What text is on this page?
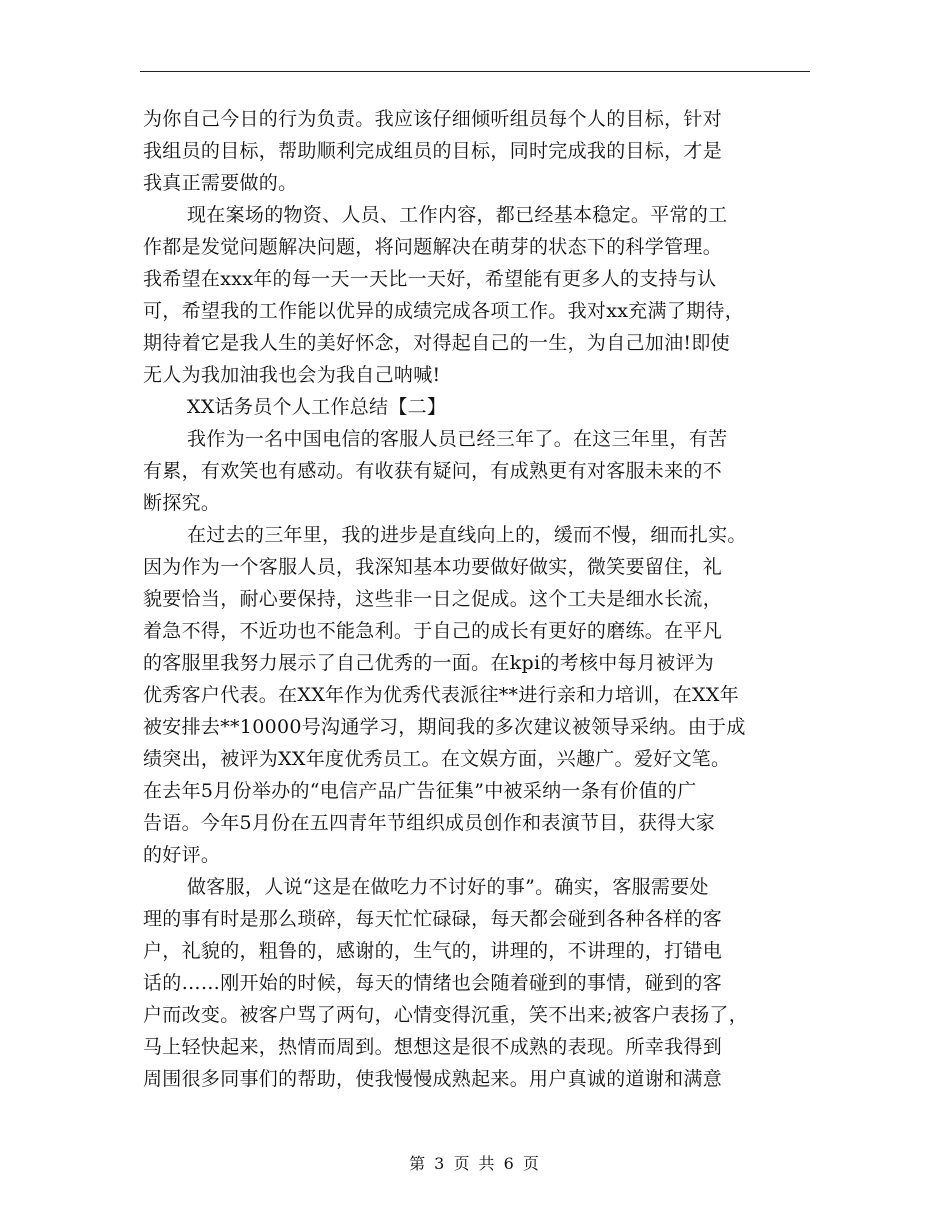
为你自己今日的行为负责。我应该仔细倾听组员每个人的目标，针对
我组员的目标，帮助顺利完成组员的目标，同时完成我的目标，才是
我真正需要做的。
现在案场的物资、人员、工作内容，都已经基本稳定。平常的工
作都是发觉问题解决问题，将问题解决在萌芽的状态下的科学管理。
我希望在xxx年的每一天一天比一天好，希望能有更多人的支持与认
可，希望我的工作能以优异的成绩完成各项工作。我对xx充满了期待，
期待着它是我人生的美好怀念，对得起自己的一生，为自己加油!即使
无人为我加油我也会为我自己呐喊!
XX话务员个人工作总结【二】
我作为一名中国电信的客服人员已经三年了。在这三年里，有苦
有累，有欢笑也有感动。有收获有疑问，有成熟更有对客服未来的不
断探究。
在过去的三年里，我的进步是直线向上的，缓而不慢，细而扎实。
因为作为一个客服人员，我深知基本功要做好做实，微笑要留住，礼
貌要恰当，耐心要保持，这些非一日之促成。这个工夫是细水长流，
着急不得，不近功也不能急利。于自己的成长有更好的磨练。在平凡
的客服里我努力展示了自己优秀的一面。在kpi的考核中每月被评为
优秀客户代表。在XX年作为优秀代表派往**进行亲和力培训，在XX年
被安排去**10000号沟通学习，期间我的多次建议被领导采纳。由于成
绩突出，被评为XX年度优秀员工。在文娱方面，兴趣广。爱好文笔。
在去年5月份举办的“电信产品广告征集”中被采纳一条有价值的广
告语。今年5月份在五四青年节组织成员创作和表演节目，获得大家
的好评。
做客服，人说“这是在做吃力不讨好的事”。确实，客服需要处
理的事有时是那么琐碎，每天忙忙碌碌，每天都会碰到各种各样的客
户，礼貌的，粗鲁的，感谢的，生气的，讲理的，不讲理的，打错电
话的……刚开始的时候，每天的情绪也会随着碰到的事情，碰到的客
户而改变。被客户骂了两句，心情变得沉重，笑不出来;被客户表扬了，
马上轻快起来，热情而周到。想想这是很不成熟的表现。所幸我得到
周围很多同事们的帮助，使我慢慢成熟起来。用户真诚的道谢和满意
第 3 页 共 6 页
